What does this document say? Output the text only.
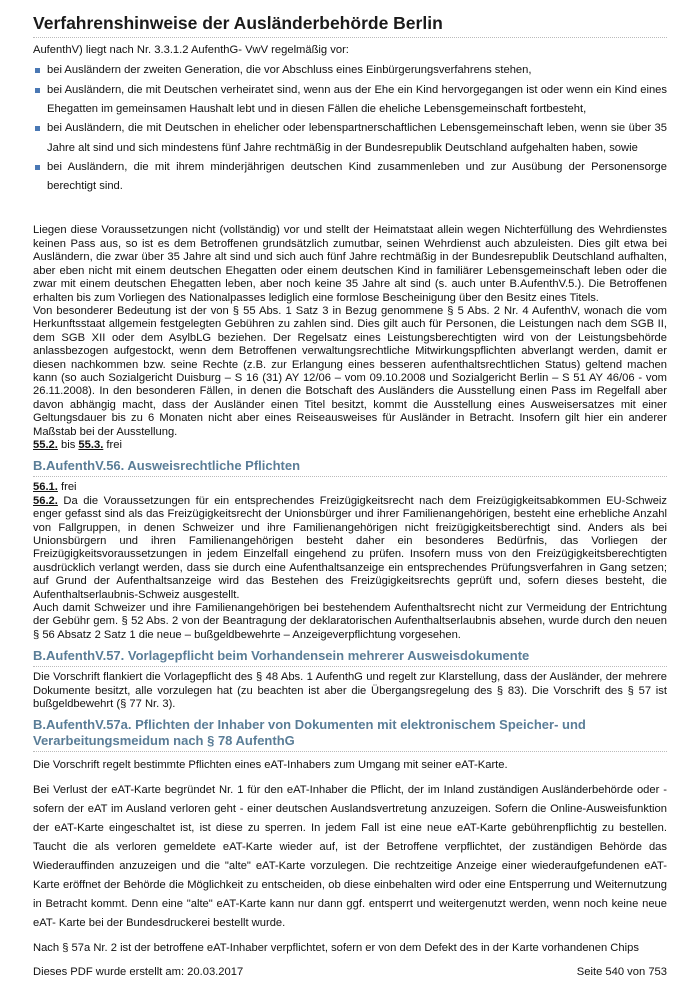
Verfahrenshinweise der Ausländerbehörde Berlin

AufenthV) liegt nach Nr. 3.3.1.2 AufenthG- VwV regelmäßig vor:

bei Ausländern der zweiten Generation, die vor Abschluss eines Einbürgerungsverfahrens stehen,
bei Ausländern, die mit Deutschen verheiratet sind, wenn aus der Ehe ein Kind hervorgegangen ist oder wenn ein Kind eines Ehegatten im gemeinsamen Haushalt lebt und in diesen Fällen die eheliche Lebensgemeinschaft fortbesteht,
bei Ausländern, die mit Deutschen in ehelicher oder lebenspartnerschaftlichen Lebensgemeinschaft leben, wenn sie über 35 Jahre alt sind und sich mindestens fünf Jahre rechtmäßig in der Bundesrepublik Deutschland aufgehalten haben, sowie
bei Ausländern, die mit ihrem minderjährigen deutschen Kind zusammenleben und zur Ausübung der Personensorge berechtigt sind.

Liegen diese Voraussetzungen nicht (vollständig) vor und stellt der Heimatstaat allein wegen Nichterfüllung des Wehrdienstes keinen Pass aus, so ist es dem Betroffenen grundsätzlich zumutbar, seinen Wehrdienst auch abzuleisten. Dies gilt etwa bei Ausländern, die zwar über 35 Jahre alt sind und sich auch fünf Jahre rechtmäßig in der Bundesrepublik Deutschland aufhalten, aber eben nicht mit einem deutschen Ehegatten oder einem deutschen Kind in familiärer Lebensgemeinschaft leben oder die zwar mit einem deutschen Ehegatten leben, aber noch keine 35 Jahre alt sind (s. auch unter B.AufenthV.5.). Die Betroffenen erhalten bis zum Vorliegen des Nationalpasses lediglich eine formlose Bescheinigung über den Besitz eines Titels.

Von besonderer Bedeutung ist der von § 55 Abs. 1 Satz 3 in Bezug genommene § 5 Abs. 2 Nr. 4 AufenthV, wonach die vom Herkunftsstaat allgemein festgelegten Gebühren zu zahlen sind. Dies gilt auch für Personen, die Leistungen nach dem SGB II, dem SGB XII oder dem AsylbLG beziehen. Der Regelsatz eines Leistungsberechtigten wird von der Leistungsbehörde anlassbezogen aufgestockt, wenn dem Betroffenen verwaltungsrechtliche Mitwirkungspflichten abverlangt werden, damit er diesen nachkommen bzw. seine Rechte (z.B. zur Erlangung eines besseren aufenthaltsrechtlichen Status) geltend machen kann (so auch Sozialgericht Duisburg – S 16 (31) AY 12/06 – vom 09.10.2008 und Sozialgericht Berlin – S 51 AY 46/06 - vom 26.11.2008). In den besonderen Fällen, in denen die Botschaft des Ausländers die Ausstellung einen Pass im Regelfall aber davon abhängig macht, dass der Ausländer einen Titel besitzt, kommt die Ausstellung eines Ausweisersatzes mit einer Geltungsdauer bis zu 6 Monaten nicht aber eines Reiseausweises für Ausländer in Betracht. Insofern gilt hier ein anderer Maßstab bei der Ausstellung.

55.2. bis 55.3. frei

B.AufenthV.56. Ausweisrechtliche Pflichten

56.1. frei

56.2. Da die Voraussetzungen für ein entsprechendes Freizügigkeitsrecht nach dem Freizügigkeitsabkommen EU-Schweiz enger gefasst sind als das Freizügigkeitsrecht der Unionsbürger und ihrer Familienangehörigen, besteht eine erhebliche Anzahl von Fallgruppen, in denen Schweizer und ihre Familienangehörigen nicht freizügigkeitsberechtigt sind. Anders als bei Unionsbürgern und ihren Familienangehörigen besteht daher ein besonderes Bedürfnis, das Vorliegen der Freizügigkeitsvoraussetzungen in jedem Einzelfall eingehend zu prüfen. Insofern muss von den Freizügigkeitsberechtigten ausdrücklich verlangt werden, dass sie durch eine Aufenthaltsanzeige ein entsprechendes Prüfungsverfahren in Gang setzen; auf Grund der Aufenthaltsanzeige wird das Bestehen des Freizügigkeitsrechts geprüft und, sofern dieses besteht, die Aufenthaltserlaubnis-Schweiz ausgestellt.

Auch damit Schweizer und ihre Familienangehörigen bei bestehendem Aufenthaltsrecht nicht zur Vermeidung der Entrichtung der Gebühr gem. § 52 Abs. 2 von der Beantragung der deklaratorischen Aufenthaltserlaubnis absehen, wurde durch den neuen § 56 Absatz 2 Satz 1 die neue – bußgeldbewehrte – Anzeigeverpflichtung vorgesehen.

B.AufenthV.57. Vorlagepflicht beim Vorhandensein mehrerer Ausweisdokumente

Die Vorschrift flankiert die Vorlagepflicht des § 48 Abs. 1 AufenthG und regelt zur Klarstellung, dass der Ausländer, der mehrere Dokumente besitzt, alle vorzulegen hat (zu beachten ist aber die Übergangsregelung des § 83). Die Vorschrift des § 57 ist bußgeldbewehrt (§ 77 Nr. 3).

B.AufenthV.57a. Pflichten der Inhaber von Dokumenten mit elektronischem Speicher- und Verarbeitungsmeidum nach § 78 AufenthG

Die Vorschrift regelt bestimmte Pflichten eines eAT-Inhabers zum Umgang mit seiner eAT-Karte.

Bei Verlust der eAT-Karte begründet Nr. 1 für den eAT-Inhaber die Pflicht, der im Inland zuständigen Ausländerbehörde oder - sofern der eAT im Ausland verloren geht - einer deutschen Auslandsvertretung anzuzeigen. Sofern die Online-Ausweisfunktion der eAT-Karte eingeschaltet ist, ist diese zu sperren. In jedem Fall ist eine neue eAT-Karte gebührenpflichtig zu bestellen. Taucht die als verloren gemeldete eAT-Karte wieder auf, ist der Betroffene verpflichtet, der zuständigen Behörde das Wiederauffinden anzuzeigen und die "alte" eAT-Karte vorzulegen. Die rechtzeitige Anzeige einer wiederaufgefundenen eAT-Karte eröffnet der Behörde die Möglichkeit zu entscheiden, ob diese einbehalten wird oder eine Entsperrung und Weiternutzung in Betracht kommt. Denn eine "alte" eAT-Karte kann nur dann ggf. entsperrt und weitergenutzt werden, wenn noch keine neue eAT- Karte bei der Bundesdruckerei bestellt wurde.

Nach § 57a Nr. 2 ist der betroffene eAT-Inhaber verpflichtet, sofern er von dem Defekt des in der Karte vorhandenen Chips

Dieses PDF wurde erstellt am: 20.03.2017	Seite 540 von 753
